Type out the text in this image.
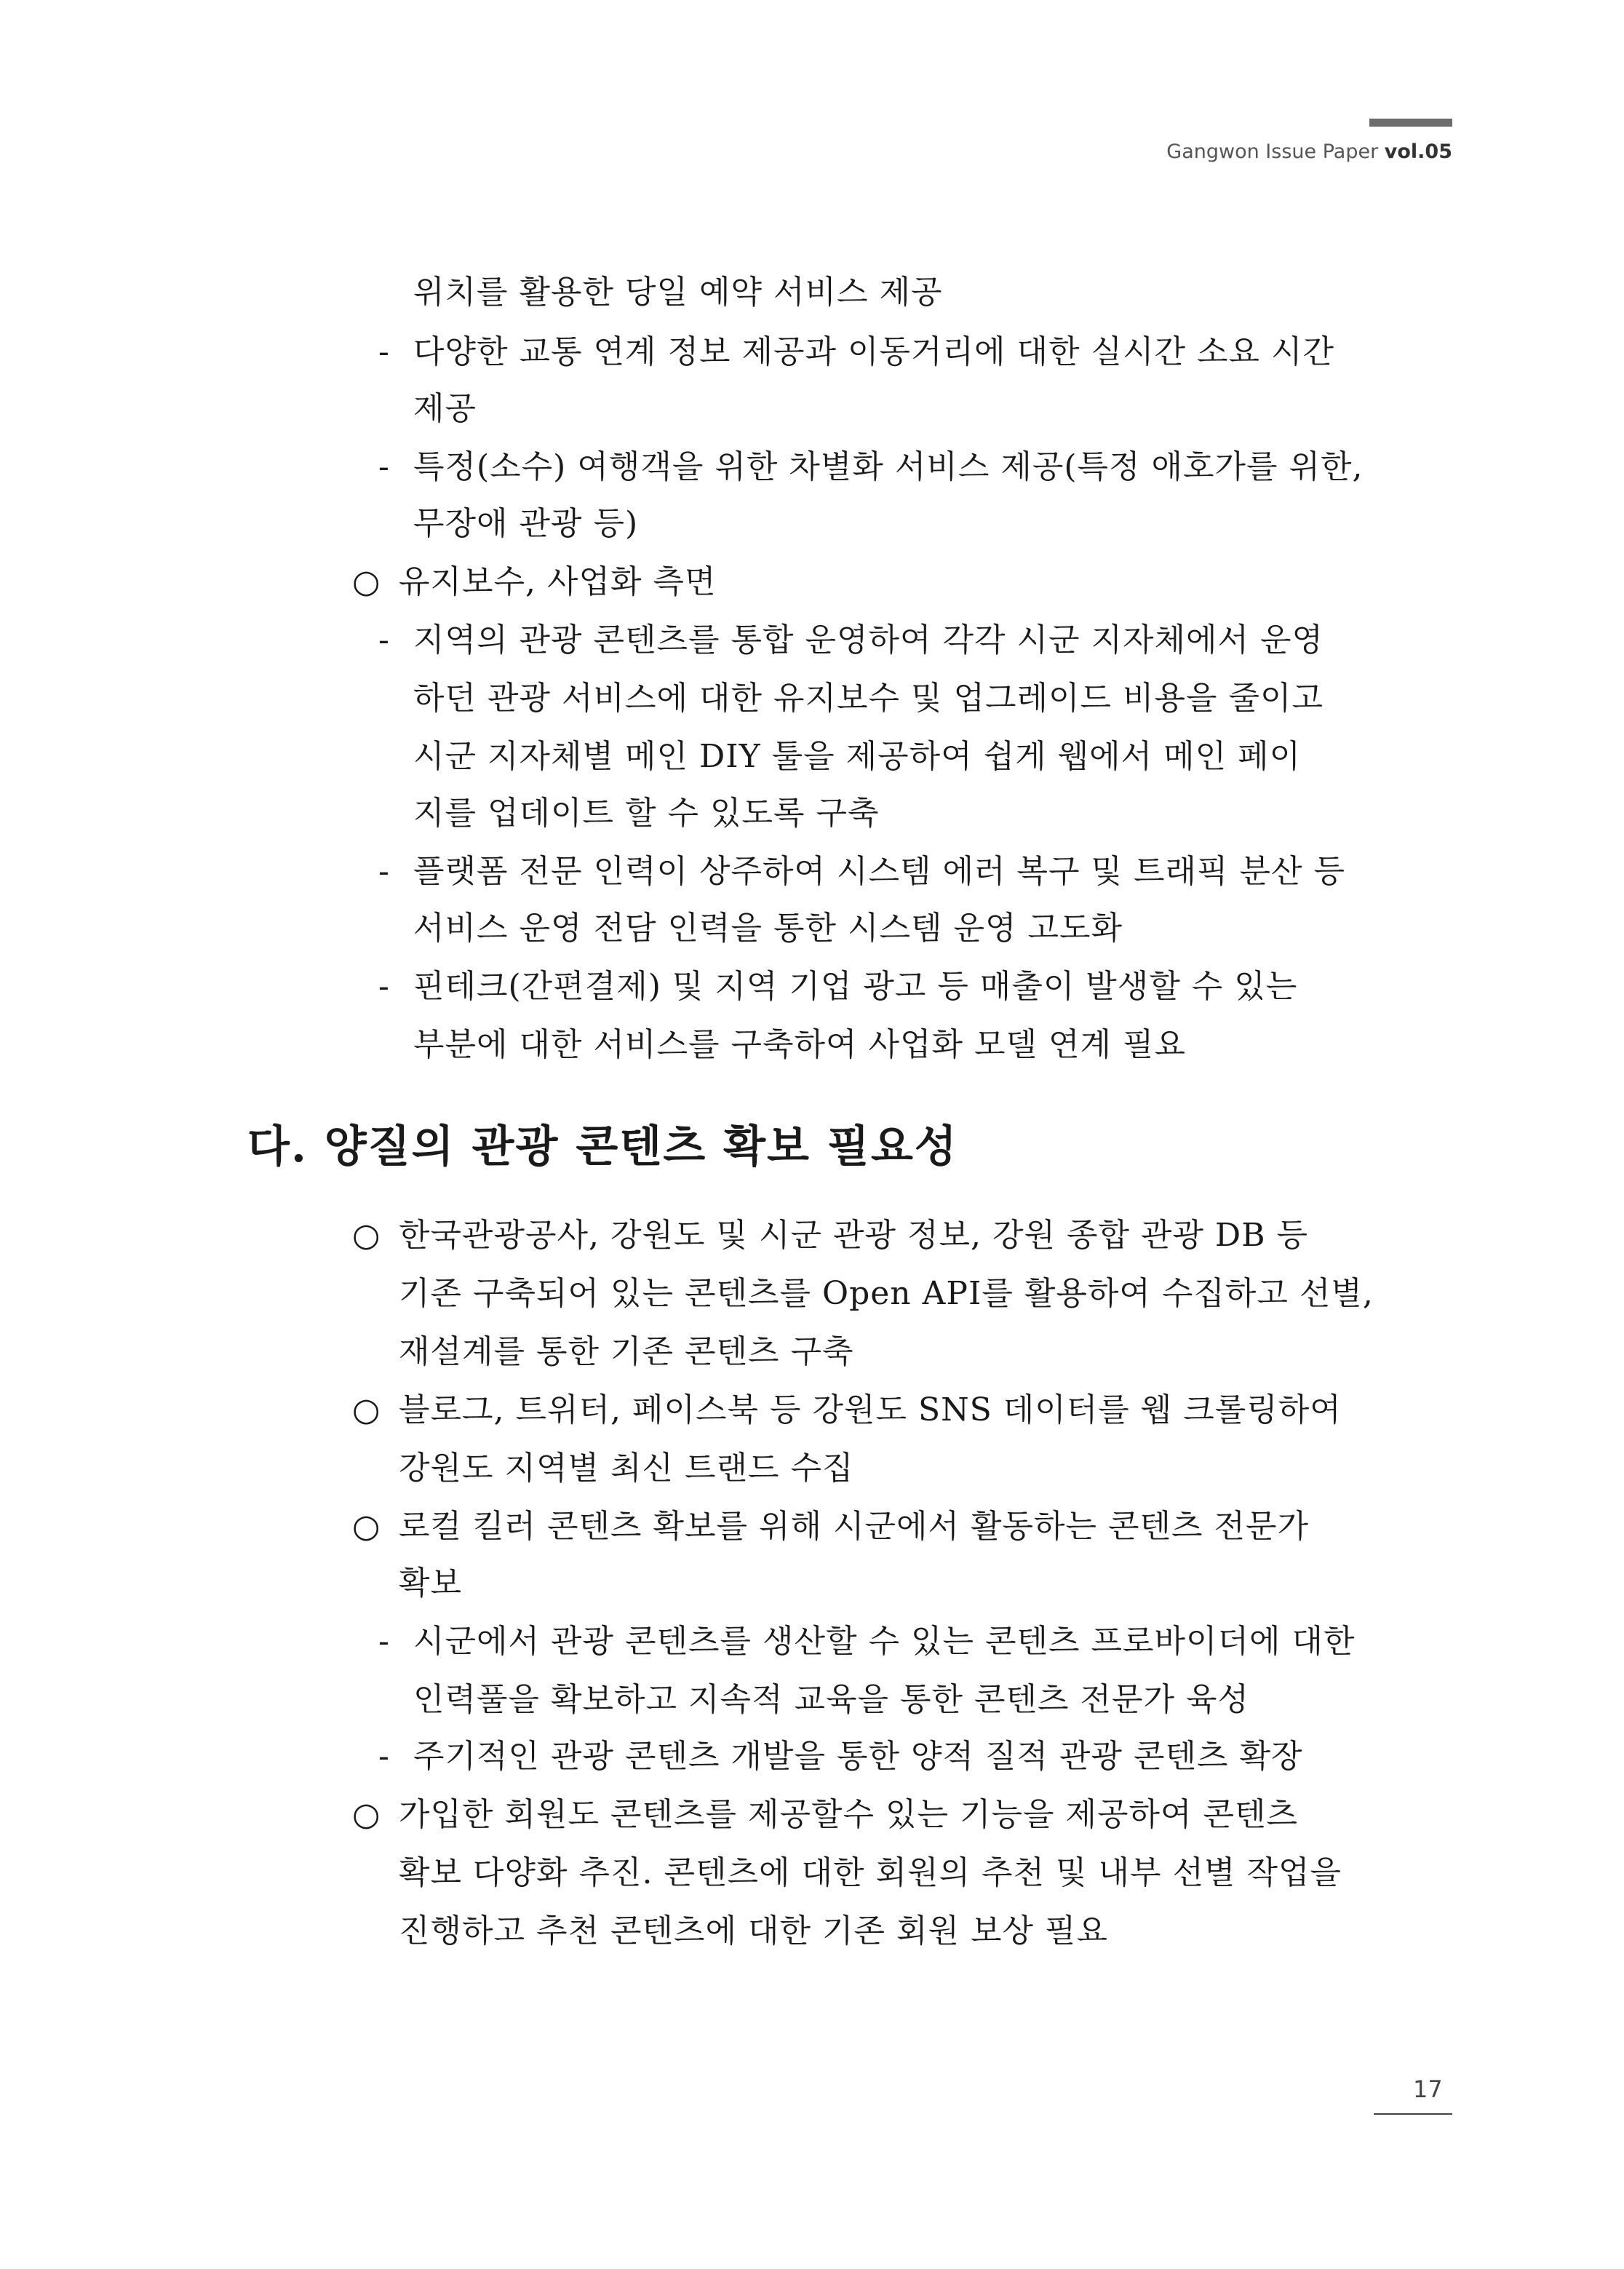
Gangwon Issue Paper vol.05
위치를 활용한 당일 예약 서비스 제공
- 다양한 교통 연계 정보 제공과 이동거리에 대한 실시간 소요 시간
제공
- 특정(소수) 여행객을 위한 차별화 서비스 제공(특정 애호가를 위한,
무장애 관광 등)
○ 유지보수, 사업화 측면
- 지역의 관광 콘텐츠를 통합 운영하여 각각 시군 지자체에서 운영
하던 관광 서비스에 대한 유지보수 및 업그레이드 비용을 줄이고
시군 지자체별 메인 DIY 툴을 제공하여 쉽게 웹에서 메인 페이
지를 업데이트 할 수 있도록 구축
- 플랫폼 전문 인력이 상주하여 시스템 에러 복구 및 트래픽 분산 등
서비스 운영 전담 인력을 통한 시스템 운영 고도화
- 핀테크(간편결제) 및 지역 기업 광고 등 매출이 발생할 수 있는
부분에 대한 서비스를 구축하여 사업화 모델 연계 필요
다. 양질의 관광 콘텐츠 확보 필요성
○ 한국관광공사, 강원도 및 시군 관광 정보, 강원 종합 관광 DB 등
기존 구축되어 있는 콘텐츠를 Open API를 활용하여 수집하고 선별,
재설계를 통한 기존 콘텐츠 구축
○ 블로그, 트위터, 페이스북 등 강원도 SNS 데이터를 웹 크롤링하여
강원도 지역별 최신 트랜드 수집
○ 로컬 킬러 콘텐츠 확보를 위해 시군에서 활동하는 콘텐츠 전문가
확보
- 시군에서 관광 콘텐츠를 생산할 수 있는 콘텐츠 프로바이더에 대한
인력풀을 확보하고 지속적 교육을 통한 콘텐츠 전문가 육성
- 주기적인 관광 콘텐츠 개발을 통한 양적 질적 관광 콘텐츠 확장
○ 가입한 회원도 콘텐츠를 제공할수 있는 기능을 제공하여 콘텐츠
확보 다양화 추진. 콘텐츠에 대한 회원의 추천 및 내부 선별 작업을
진행하고 추천 콘텐츠에 대한 기존 회원 보상 필요
17
